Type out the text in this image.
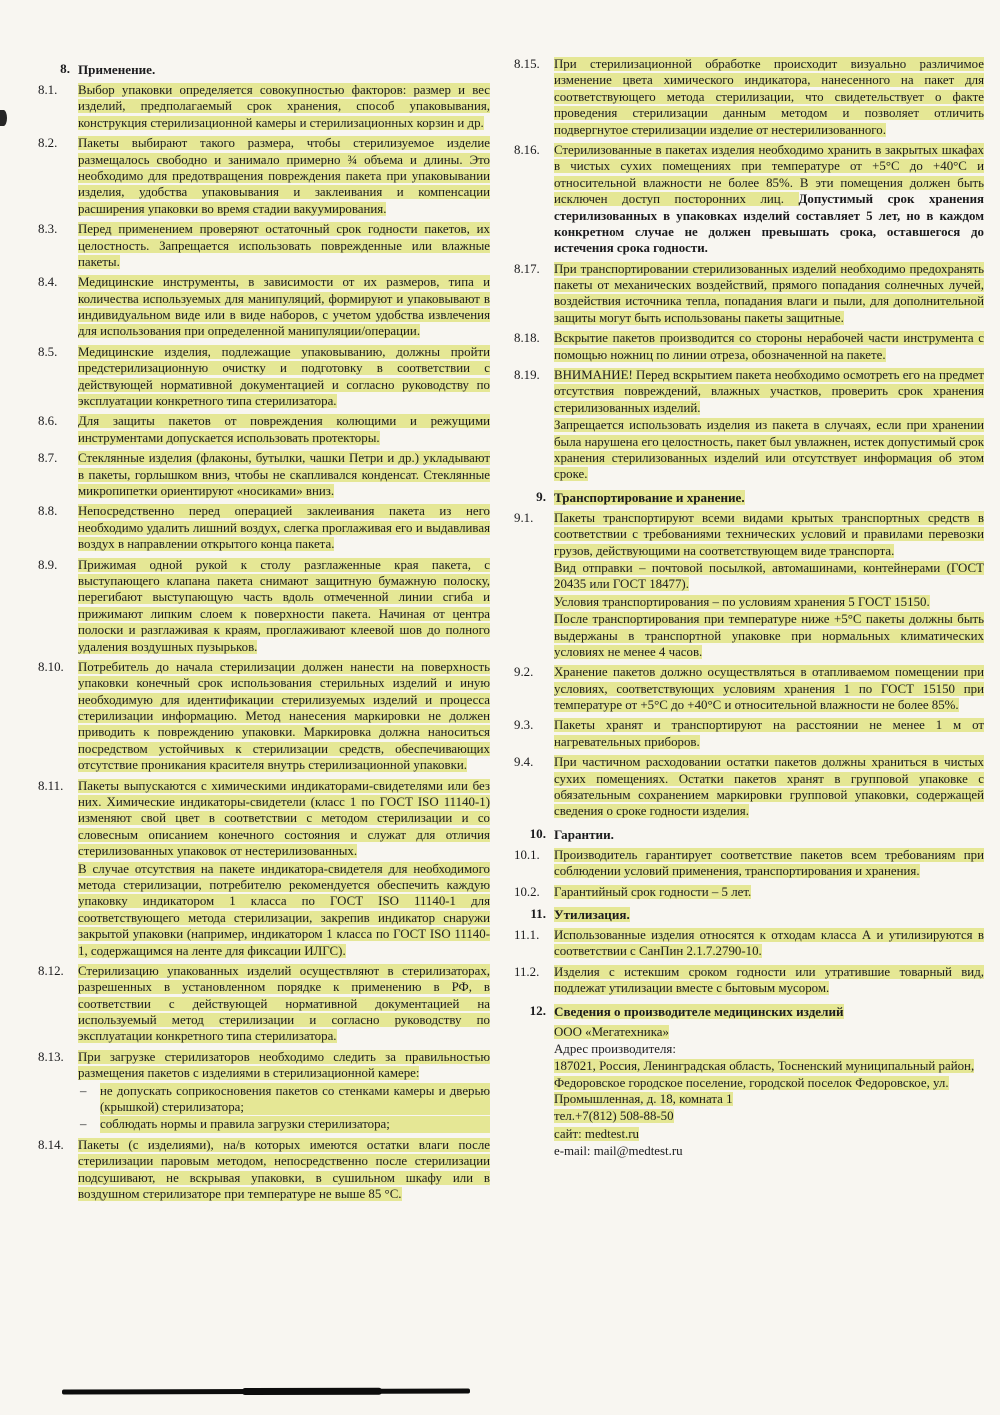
8. Применение.
8.1.	Выбор упаковки определяется совокупностью факторов: размер и вес изделий, предполагаемый срок хранения, способ упаковывания, конструкция стерилизационной камеры и стерилизационных корзин и др.
8.2.	Пакеты выбирают такого размера, чтобы стерилизуемое изделие размещалось свободно и занимало примерно ¾ объема и длины. Это необходимо для предотвращения повреждения пакета при упаковывании изделия, удобства упаковывания и заклеивания и компенсации расширения упаковки во время стадии вакуумирования.
8.3.	Перед применением проверяют остаточный срок годности пакетов, их целостность. Запрещается использовать поврежденные или влажные пакеты.
8.4.	Медицинские инструменты, в зависимости от их размеров, типа и количества используемых для манипуляций, формируют и упаковывают в индивидуальном виде или в виде наборов, с учетом удобства извлечения для использования при определенной манипуляции/операции.
8.5.	Медицинские изделия, подлежащие упаковыванию, должны пройти предстерилизационную очистку и подготовку в соответствии с действующей нормативной документацией и согласно руководству по эксплуатации конкретного типа стерилизатора.
8.6.	Для защиты пакетов от повреждения колющими и режущими инструментами допускается использовать протекторы.
8.7.	Стеклянные изделия (флаконы, бутылки, чашки Петри и др.) укладывают в пакеты, горлышком вниз, чтобы не скапливался конденсат. Стеклянные микропипетки ориентируют «носиками» вниз.
8.8.	Непосредственно перед операцией заклеивания пакета из него необходимо удалить лишний воздух, слегка проглаживая его и выдавливая воздух в направлении открытого конца пакета.
8.9.	Прижимая одной рукой к столу разглаженные края пакета, с выступающего клапана пакета снимают защитную бумажную полоску, перегибают выступающую часть вдоль отмеченной линии сгиба и прижимают липким слоем к поверхности пакета. Начиная от центра полоски и разглаживая к краям, проглаживают клеевой шов до полного удаления воздушных пузырьков.
8.10.	Потребитель до начала стерилизации должен нанести на поверхность упаковки конечный срок использования стерильных изделий и иную необходимую для идентификации стерилизуемых изделий и процесса стерилизации информацию. Метод нанесения маркировки не должен приводить к повреждению упаковки. Маркировка должна наноситься посредством устойчивых к стерилизации средств, обеспечивающих отсутствие проникания красителя внутрь стерилизационной упаковки.
8.11.	Пакеты выпускаются с химическими индикаторами-свидетелями или без них. Химические индикаторы-свидетели (класс 1 по ГОСТ ISO 11140-1) изменяют свой цвет в соответствии с методом стерилизации и со словесным описанием конечного состояния и служат для отличия стерилизованных упаковок от нестерилизованных.
В случае отсутствия на пакете индикатора-свидетеля для необходимого метода стерилизации, потребителю рекомендуется обеспечить каждую упаковку индикатором 1 класса по ГОСТ ISO 11140-1 для соответствующего метода стерилизации, закрепив индикатор снаружи закрытой упаковки (например, индикатором 1 класса по ГОСТ ISO 11140-1, содержащимся на ленте для фиксации ИЛГС).
8.12.	Стерилизацию упакованных изделий осуществляют в стерилизаторах, разрешенных в установленном порядке к применению в РФ, в соответствии с действующей нормативной документацией на используемый метод стерилизации и согласно руководству по эксплуатации конкретного типа стерилизатора.
8.13.	При загрузке стерилизаторов необходимо следить за правильностью размещения пакетов с изделиями в стерилизационной камере:
–	не допускать соприкосновения пакетов со стенками камеры и дверью (крышкой) стерилизатора;
–	соблюдать нормы и правила загрузки стерилизатора;
8.14.	Пакеты (с изделиями), на/в которых имеются остатки влаги после стерилизации паровым методом, непосредственно после стерилизации подсушивают, не вскрывая упаковки, в сушильном шкафу или в воздушном стерилизаторе при температуре не выше 85 °С.
8.15.	При стерилизационной обработке происходит визуально различимое изменение цвета химического индикатора, нанесенного на пакет для соответствующего метода стерилизации, что свидетельствует о факте проведения стерилизации данным методом и позволяет отличить подвергнутое стерилизации изделие от нестерилизованного.
8.16.	Стерилизованные в пакетах изделия необходимо хранить в закрытых шкафах в чистых сухих помещениях при температуре от +5°С до +40°С и относительной влажности не более 85%. В эти помещения должен быть исключен доступ посторонних лиц. Допустимый срок хранения стерилизованных в упаковках изделий составляет 5 лет, но в каждом конкретном случае не должен превышать срока, оставшегося до истечения срока годности.
8.17.	При транспортировании стерилизованных изделий необходимо предохранять пакеты от механических воздействий, прямого попадания солнечных лучей, воздействия источника тепла, попадания влаги и пыли, для дополнительной защиты могут быть использованы пакеты защитные.
8.18.	Вскрытие пакетов производится со стороны нерабочей части инструмента с помощью ножниц по линии отреза, обозначенной на пакете.
8.19.	ВНИМАНИЕ! Перед вскрытием пакета необходимо осмотреть его на предмет отсутствия повреждений, влажных участков, проверить срок хранения стерилизованных изделий.
Запрещается использовать изделия из пакета в случаях, если при хранении была нарушена его целостность, пакет был увлажнен, истек допустимый срок хранения стерилизованных изделий или отсутствует информация об этом сроке.
9. Транспортирование и хранение.
9.1.	Пакеты транспортируют всеми видами крытых транспортных средств в соответствии с требованиями технических условий и правилами перевозки грузов, действующими на соответствующем виде транспорта.
Вид отправки – почтовой посылкой, автомашинами, контейнерами (ГОСТ 20435 или ГОСТ 18477).
Условия транспортирования – по условиям хранения 5 ГОСТ 15150.
После транспортирования при температуре ниже +5°С пакеты должны быть выдержаны в транспортной упаковке при нормальных климатических условиях не менее 4 часов.
9.2.	Хранение пакетов должно осуществляться в отапливаемом помещении при условиях, соответствующих условиям хранения 1 по ГОСТ 15150 при температуре от +5°С до +40°С и относительной влажности не более 85%.
9.3.	Пакеты хранят и транспортируют на расстоянии не менее 1 м от нагревательных приборов.
9.4.	При частичном расходовании остатки пакетов должны храниться в чистых сухих помещениях. Остатки пакетов хранят в групповой упаковке с обязательным сохранением маркировки групповой упаковки, содержащей сведения о сроке годности изделия.
10. Гарантии.
10.1.	Производитель гарантирует соответствие пакетов всем требованиям при соблюдении условий применения, транспортирования и хранения.
10.2.	Гарантийный срок годности – 5 лет.
11. Утилизация.
11.1.	Использованные изделия относятся к отходам класса А и утилизируются в соответствии с СанПин 2.1.7.2790-10.
11.2.	Изделия с истекшим сроком годности или утратившие товарный вид, подлежат утилизации вместе с бытовым мусором.
12. Сведения о производителе медицинских изделий
ООО «Мегатехника»
Адрес производителя:
187021, Россия, Ленинградская область, Тосненский муниципальный район, Федоровское городское поселение, городской поселок Федоровское, ул. Промышленная, д. 18, комната 1
тел.+7(812) 508-88-50
сайт: medtest.ru
e-mail: mail@medtest.ru
